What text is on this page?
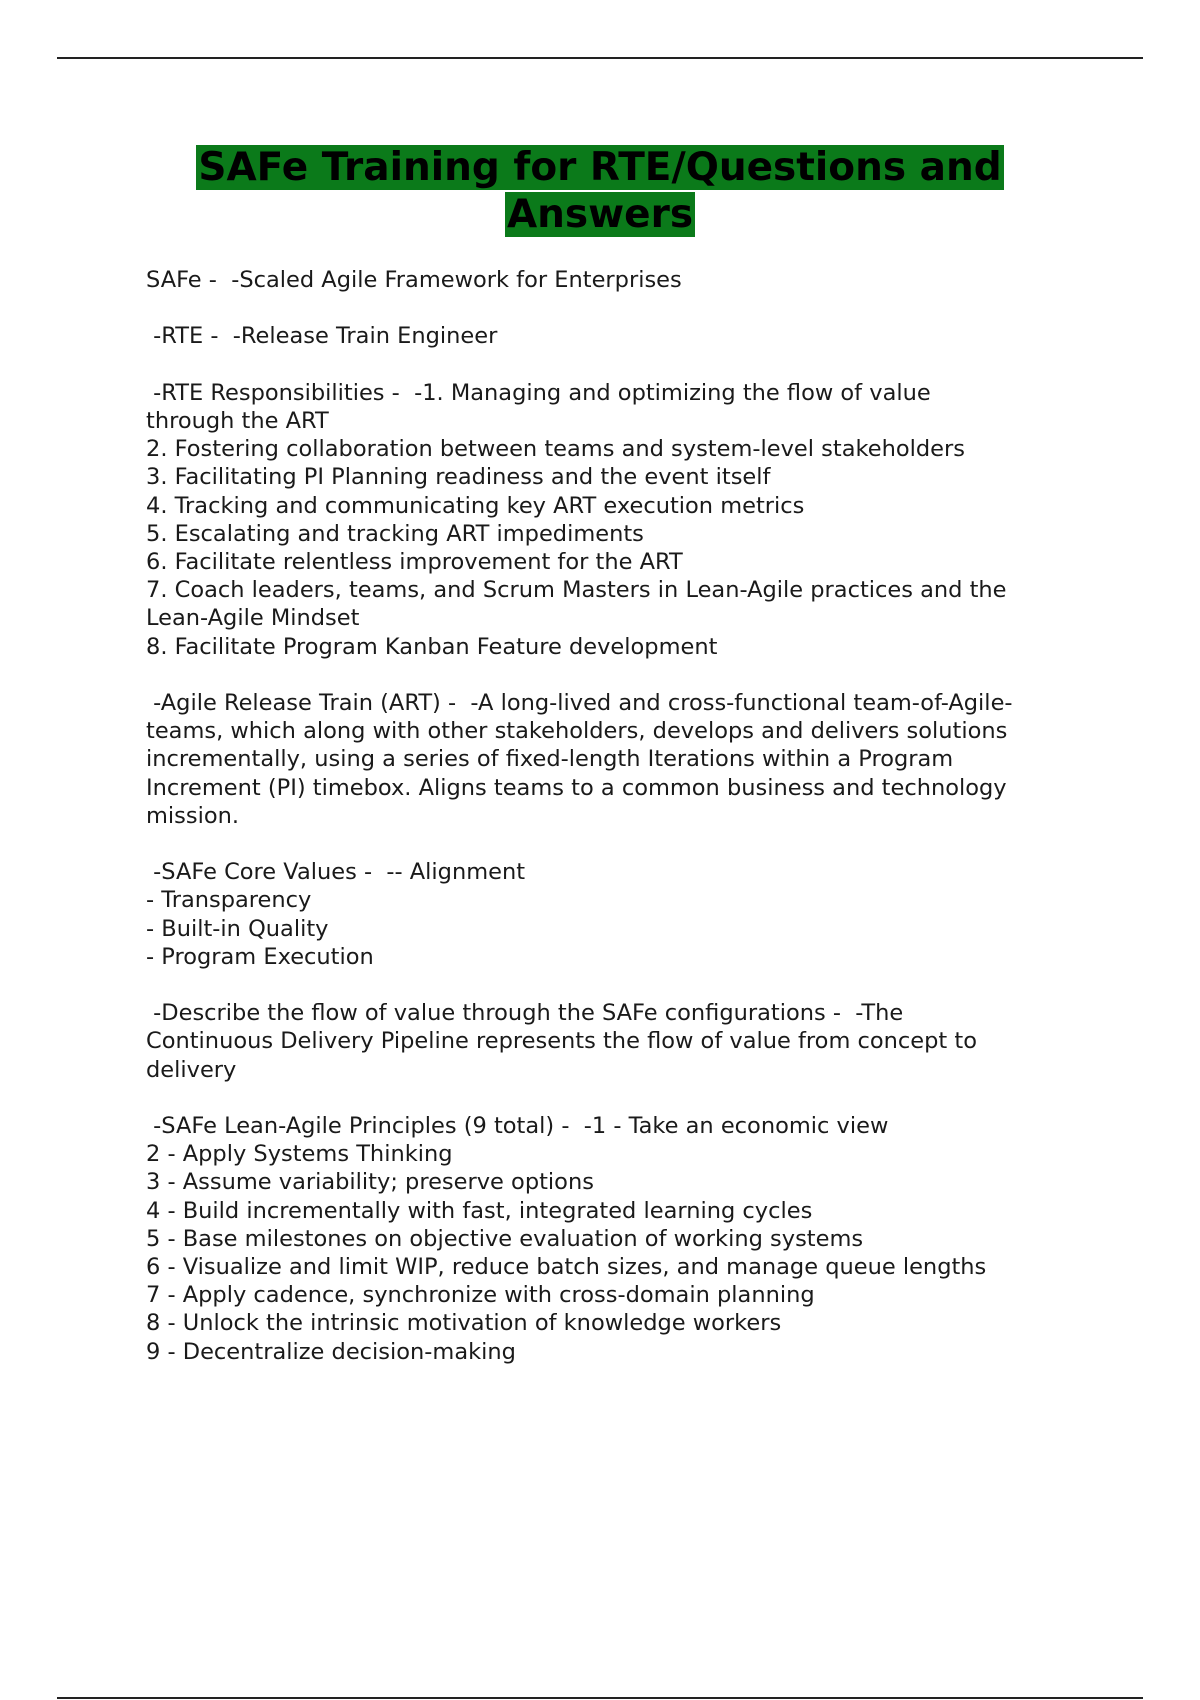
SAFe Training for RTE/Questions and
Answers
SAFe -  -Scaled Agile Framework for Enterprises
-RTE -  -Release Train Engineer
-RTE Responsibilities -  -1. Managing and optimizing the flow of value
through the ART
2. Fostering collaboration between teams and system-level stakeholders
3. Facilitating PI Planning readiness and the event itself
4. Tracking and communicating key ART execution metrics
5. Escalating and tracking ART impediments
6. Facilitate relentless improvement for the ART
7. Coach leaders, teams, and Scrum Masters in Lean-Agile practices and the
Lean-Agile Mindset
8. Facilitate Program Kanban Feature development
-Agile Release Train (ART) -  -A long-lived and cross-functional team-of-Agile-
teams, which along with other stakeholders, develops and delivers solutions
incrementally, using a series of fixed-length Iterations within a Program
Increment (PI) timebox. Aligns teams to a common business and technology
mission.
-SAFe Core Values -  -- Alignment
- Transparency
- Built-in Quality
- Program Execution
-Describe the flow of value through the SAFe configurations -  -The
Continuous Delivery Pipeline represents the flow of value from concept to
delivery
-SAFe Lean-Agile Principles (9 total) -  -1 - Take an economic view
2 - Apply Systems Thinking
3 - Assume variability; preserve options
4 - Build incrementally with fast, integrated learning cycles
5 - Base milestones on objective evaluation of working systems
6 - Visualize and limit WIP, reduce batch sizes, and manage queue lengths
7 - Apply cadence, synchronize with cross-domain planning
8 - Unlock the intrinsic motivation of knowledge workers
9 - Decentralize decision-making
